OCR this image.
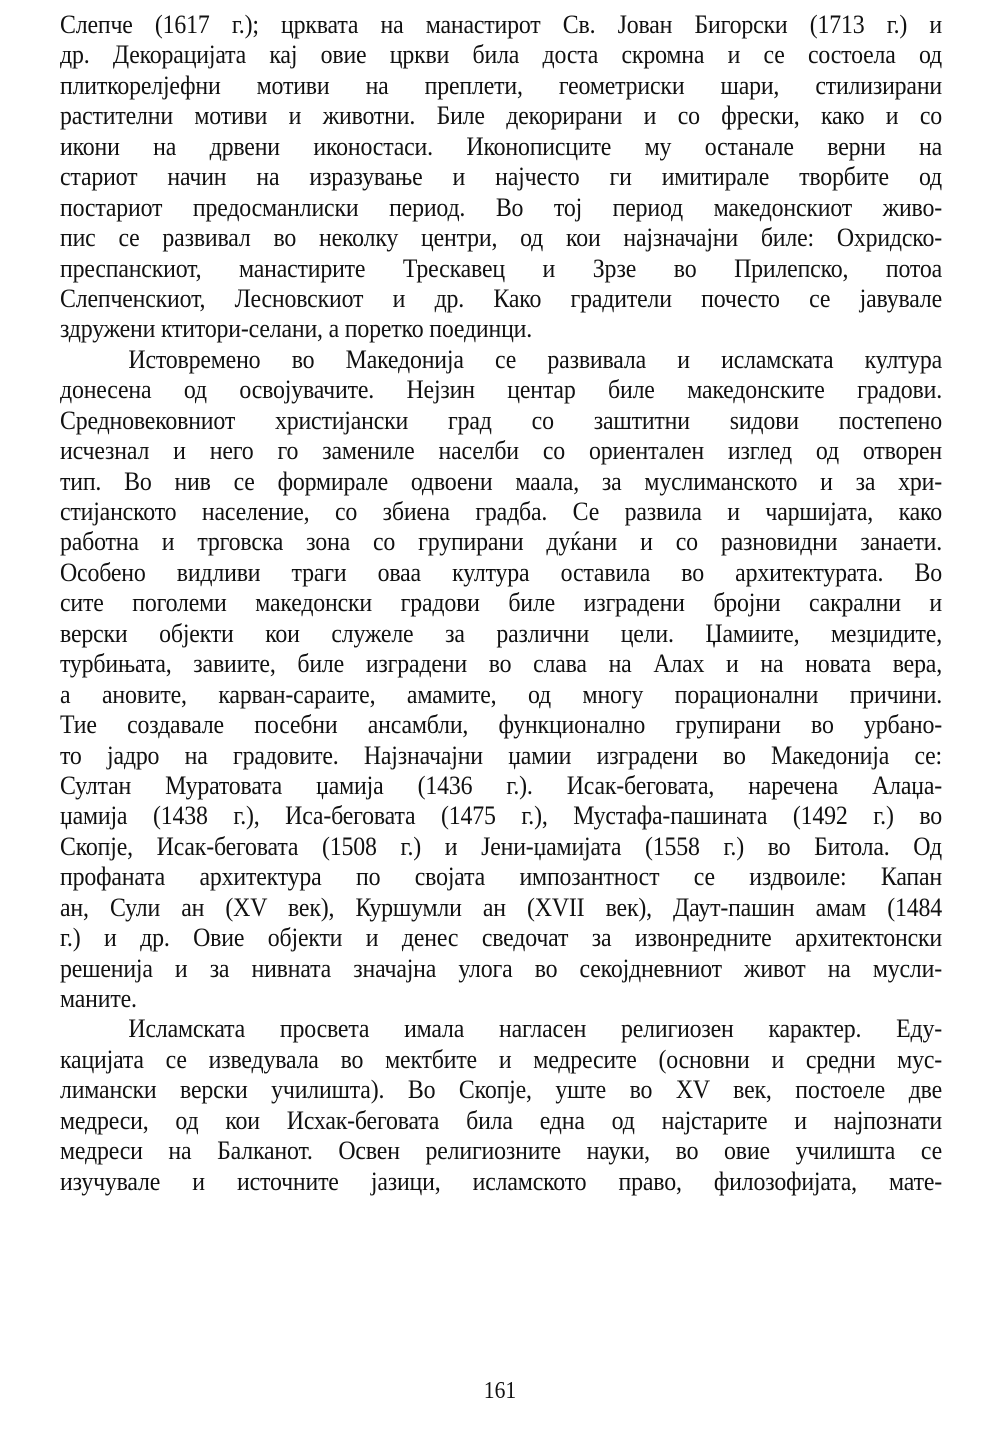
Слепче (1617 г.); црквата на манастирот Св. Јован Бигорски (1713 г.) и
др. Декорацијата кај овие цркви била доста скромна и се состоела од
плиткорелјефни мотиви на преплети, геометриски шари, стилизирани
растителни мотиви и животни. Биле декорирани и со фрески, како и со
икони на дрвени иконостаси. Иконописците му останале верни на
стариот начин на изразување и најчесто ги имитирале творбите од
постариот предосманлиски период. Во тој период македонскиот живо-
пис се развивал во неколку центри, од кои најзначајни биле: Охридско-
преспанскиот, манастирите Трескавец и Зрзе во Прилепско, потоа
Слепченскиот, Лесновскиот и др. Како градители почесто се јавувале
здружени ктитори-селани, а поретко поединци.
Истовремено во Македонија се развивала и исламската култура
донесена од освојувачите. Нејзин центар биле македонските градови.
Средновековниот христијански град со заштитни ѕидови постепено
исчезнал и него го замениле населби со ориентален изглед од отворен
тип. Во нив се формирале одвоени маала, за муслиманското и за хри-
стијанското население, со збиена градба. Се развила и чаршијата, како
работна и трговска зона со групирани дуќани и со разновидни занаети.
Особено видливи траги оваа култура оставила во архитектурата. Во
сите поголеми македонски градови биле изградени бројни сакрални и
верски објекти кои служеле за различни цели. Џамиите, мезџидите,
турбињата, завиите, биле изградени во слава на Алах и на новата вера,
а ановите, карван-сараите, амамите, од многу порационални причини.
Тие создавале посебни ансамбли, функционално групирани во урбано-
то јадро на градовите. Најзначајни џамии изградени во Македонија се:
Султан Муратовата џамија (1436 г.). Исак-беговата, наречена Алаџа-
џамија (1438 г.), Иса-беговата (1475 г.), Мустафа-пашината (1492 г.) во
Скопје, Исак-беговата (1508 г.) и Јени-џамијата (1558 г.) во Битола. Од
профаната архитектура по својата импозантност се издвоиле: Капан
ан, Сули ан (XV век), Куршумли ан (XVII век), Даут-пашин амам (1484
г.) и др. Овие објекти и денес сведочат за извонредните архитектонски
решенија и за нивната значајна улога во секојдневниот живот на мусли-
маните.
Исламската просвета имала нагласен религиозен карактер. Еду-
кацијата се изведувала во мектбите и медресите (основни и средни мус-
лимански верски училишта). Во Скопје, уште во XV век, постоеле две
медреси, од кои Исхак-беговата била една од најстарите и најпознати
медреси на Балканот. Освен религиозните науки, во овие училишта се
изучувале и источните јазици, исламското право, филозофијата, мате-
161
